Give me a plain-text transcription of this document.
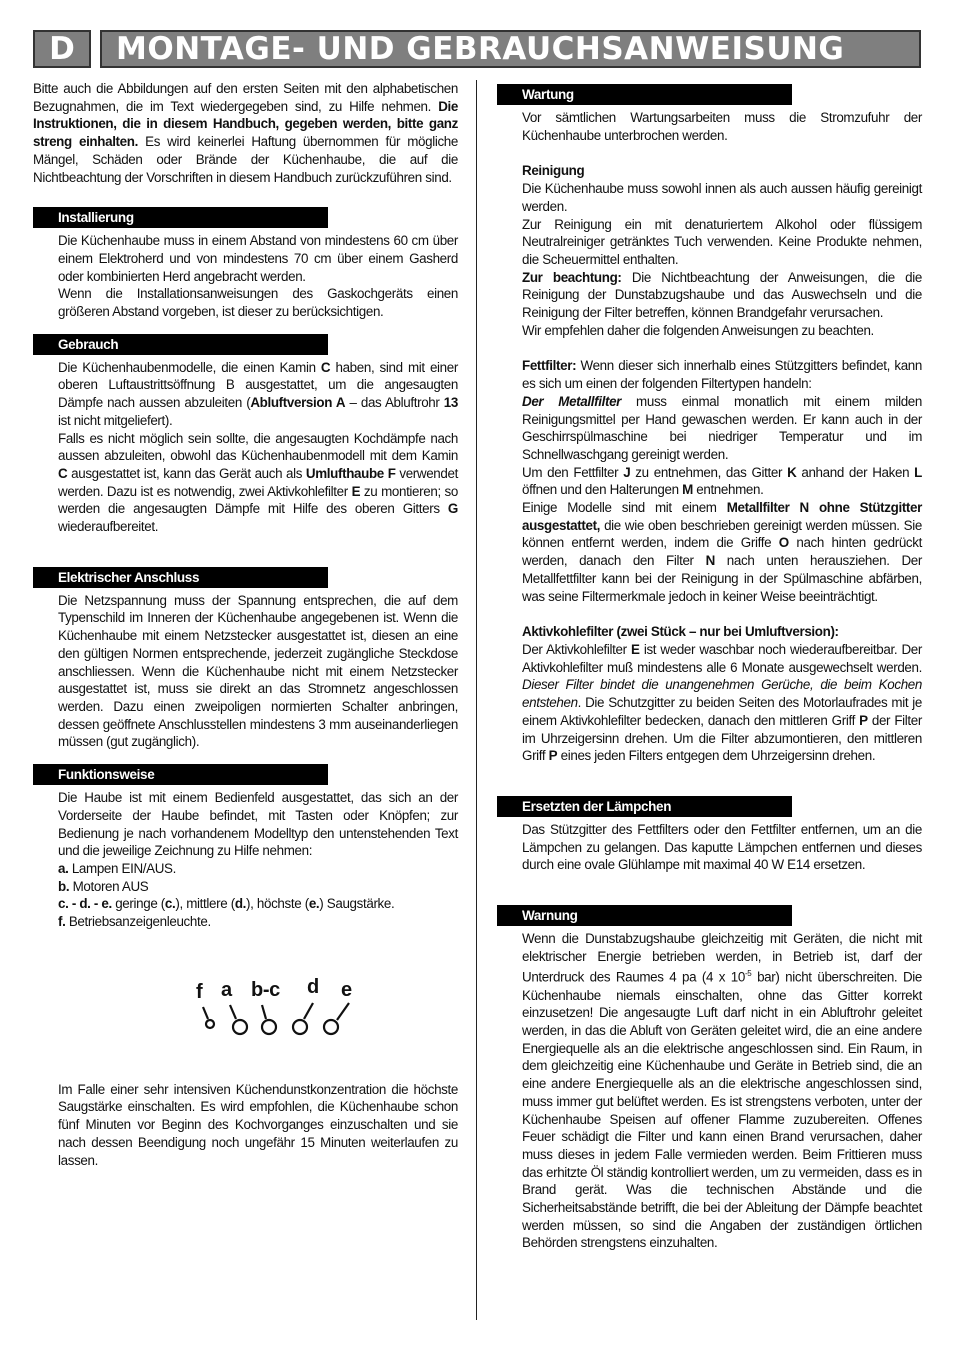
D	MONTAGE- UND GEBRAUCHSANWEISUNG

Bitte auch die Abbildungen auf den ersten Seiten mit den alphabetischen Bezugnahmen, die im Text wiedergegeben sind, zu Hilfe nehmen. Die Instruktionen, die in diesem Handbuch, gegeben werden, bitte ganz streng einhalten. Es wird keinerlei Haftung übernommen für mögliche Mängel, Schäden oder Brände der Küchenhaube, die auf die Nichtbeachtung der Vorschriften in diesem Handbuch zurückzuführen sind.

Installierung

Die Küchenhaube muss in einem Abstand von mindestens 60 cm über einem Elektroherd und von mindestens 70 cm über einem Gasherd oder kombinierten Herd angebracht werden.

Wenn die Installationsanweisungen des Gaskochgeräts einen größeren Abstand vorgeben, ist dieser zu berücksichtigen.

Gebrauch

Die Küchenhaubenmodelle, die einen Kamin C haben, sind mit einer oberen Luftaustrittsöffnung B ausgestattet, um die angesaugten Dämpfe nach aussen abzuleiten (Abluftversion A – das Abluftrohr 13 ist nicht mitgeliefert).

Falls es nicht möglich sein sollte, die angesaugten Kochdämpfe nach aussen abzuleiten, obwohl das Küchenhaubenmodell mit dem Kamin C ausgestattet ist, kann das Gerät auch als Umlufthaube F verwendet werden. Dazu ist es notwendig, zwei Aktivkohlefilter E zu montieren; so werden die angesaugten Dämpfe mit Hilfe des oberen Gitters G wiederaufbereitet.

Elektrischer Anschluss

Die Netzspannung muss der Spannung entsprechen, die auf dem Typenschild im Inneren der Küchenhaube angegebenen ist. Wenn die Küchenhaube mit einem Netzstecker ausgestattet ist, diesen an eine den gültigen Normen entsprechende, jederzeit zugängliche Steckdose anschliessen. Wenn die Küchenhaube nicht mit einem Netzstecker ausgestattet ist, muss sie direkt an das Stromnetz angeschlossen werden. Dazu einen zweipoligen normierten Schalter anbringen, dessen geöffnete Anschlusstellen mindestens 3 mm auseinanderliegen müssen (gut zugänglich).

Funktionsweise

Die Haube ist mit einem Bedienfeld ausgestattet, das sich an der Vorderseite der Haube befindet, mit Tasten oder Knöpfen; zur Bedienung je nach vorhandenem Modelltyp den untenstehenden Text und die jeweilige Zeichnung zu Hilfe nehmen:

a. Lampen EIN/AUS.

b. Motoren AUS

c. - d. - e. geringe (c.), mittlere (d.), höchste (e.) Saugstärke.

f. Betriebsanzeigenleuchte.

f a b-c d e

Im Falle einer sehr intensiven Küchendunstkonzentration die höchste Saugstärke einschalten. Es wird empfohlen, die Küchenhaube schon fünf Minuten vor Beginn des Kochvorganges einzuschalten und sie nach dessen Beendigung noch ungefähr 15 Minuten weiterlaufen zu lassen.

Wartung

Vor sämtlichen Wartungsarbeiten muss die Stromzufuhr der Küchenhaube unterbrochen werden.

Reinigung

Die Küchenhaube muss sowohl innen als auch aussen häufig gereinigt werden.

Zur Reinigung ein mit denaturiertem Alkohol oder flüssigem Neutralreiniger getränktes Tuch verwenden. Keine Produkte nehmen, die Scheuermittel enthalten.

Zur beachtung: Die Nichtbeachtung der Anweisungen, die die Reinigung der Dunstabzugshaube und das Auswechseln und die Reinigung der Filter betreffen, können Brandgefahr verursachen.

Wir empfehlen daher die folgenden Anweisungen zu beachten.

Fettfilter: Wenn dieser sich innerhalb eines Stützgitters befindet, kann es sich um einen der folgenden Filtertypen handeln:

Der Metallfilter muss einmal monatlich mit einem milden Reinigungsmittel per Hand gewaschen werden. Er kann auch in der Geschirrspülmaschine bei niedriger Temperatur und im Schnellwaschgang gereinigt werden.

Um den Fettfilter J zu entnehmen, das Gitter K anhand der Haken L öffnen und den Halterungen M entnehmen.

Einige Modelle sind mit einem Metallfilter N ohne Stützgitter ausgestattet, die wie oben beschrieben gereinigt werden müssen. Sie können entfernt werden, indem die Griffe O nach hinten gedrückt werden, danach den Filter N nach unten herausziehen. Der Metallfettfilter kann bei der Reinigung in der Spülmaschine abfärben, was seine Filtermerkmale jedoch in keiner Weise beeinträchtigt.

Aktivkohlefilter (zwei Stück – nur bei Umluftversion):

Der Aktivkohlefilter E ist weder waschbar noch wiederaufbereitbar. Der Aktivkohlefilter muß mindestens alle 6 Monate ausgewechselt werden. Dieser Filter bindet die unangenehmen Gerüche, die beim Kochen entstehen. Die Schutzgitter zu beiden Seiten des Motorlaufrades mit je einem Aktivkohlefilter bedecken, danach den mittleren Griff P der Filter im Uhrzeigersinn drehen. Um die Filter abzumontieren, den mittleren Griff P eines jeden Filters entgegen dem Uhrzeigersinn drehen.

Ersetzten der Lämpchen

Das Stützgitter des Fettfilters oder den Fettfilter entfernen, um an die Lämpchen zu gelangen. Das kaputte Lämpchen entfernen und dieses durch eine ovale Glühlampe mit maximal 40 W E14 ersetzen.

Warnung

Wenn die Dunstabzugshaube gleichzeitig mit Geräten, die nicht mit elektrischer Energie betrieben werden, in Betrieb ist, darf der Unterdruck des Raumes 4 pa (4 x $10^{-5}$ bar) nicht überschreiten. Die Küchenhaube niemals einschalten, ohne das Gitter korrekt einzusetzen! Die angesaugte Luft darf nicht in ein Abluftrohr geleitet werden, in das die Abluft von Geräten geleitet wird, die an eine andere Energiequelle als an die elektrische angeschlossen sind. Ein Raum, in dem gleichzeitig eine Küchenhaube und Geräte in Betrieb sind, die an eine andere Energiequelle als an die elektrische angeschlossen sind, muss immer gut belüftet werden. Es ist strengstens verboten, unter der Küchenhaube Speisen auf offener Flamme zuzubereiten. Offenes Feuer schädigt die Filter und kann einen Brand verursachen, daher muss dieses in jedem Falle vermieden werden. Beim Frittieren muss das erhitzte Öl ständig kontrolliert werden, um zu vermeiden, dass es in Brand gerät. Was die technischen Abstände und die Sicherheitsabstände betrifft, die bei der Ableitung der Dämpfe beachtet werden müssen, so sind die Angaben der zuständigen örtlichen Behörden strengstens einzuhalten.
